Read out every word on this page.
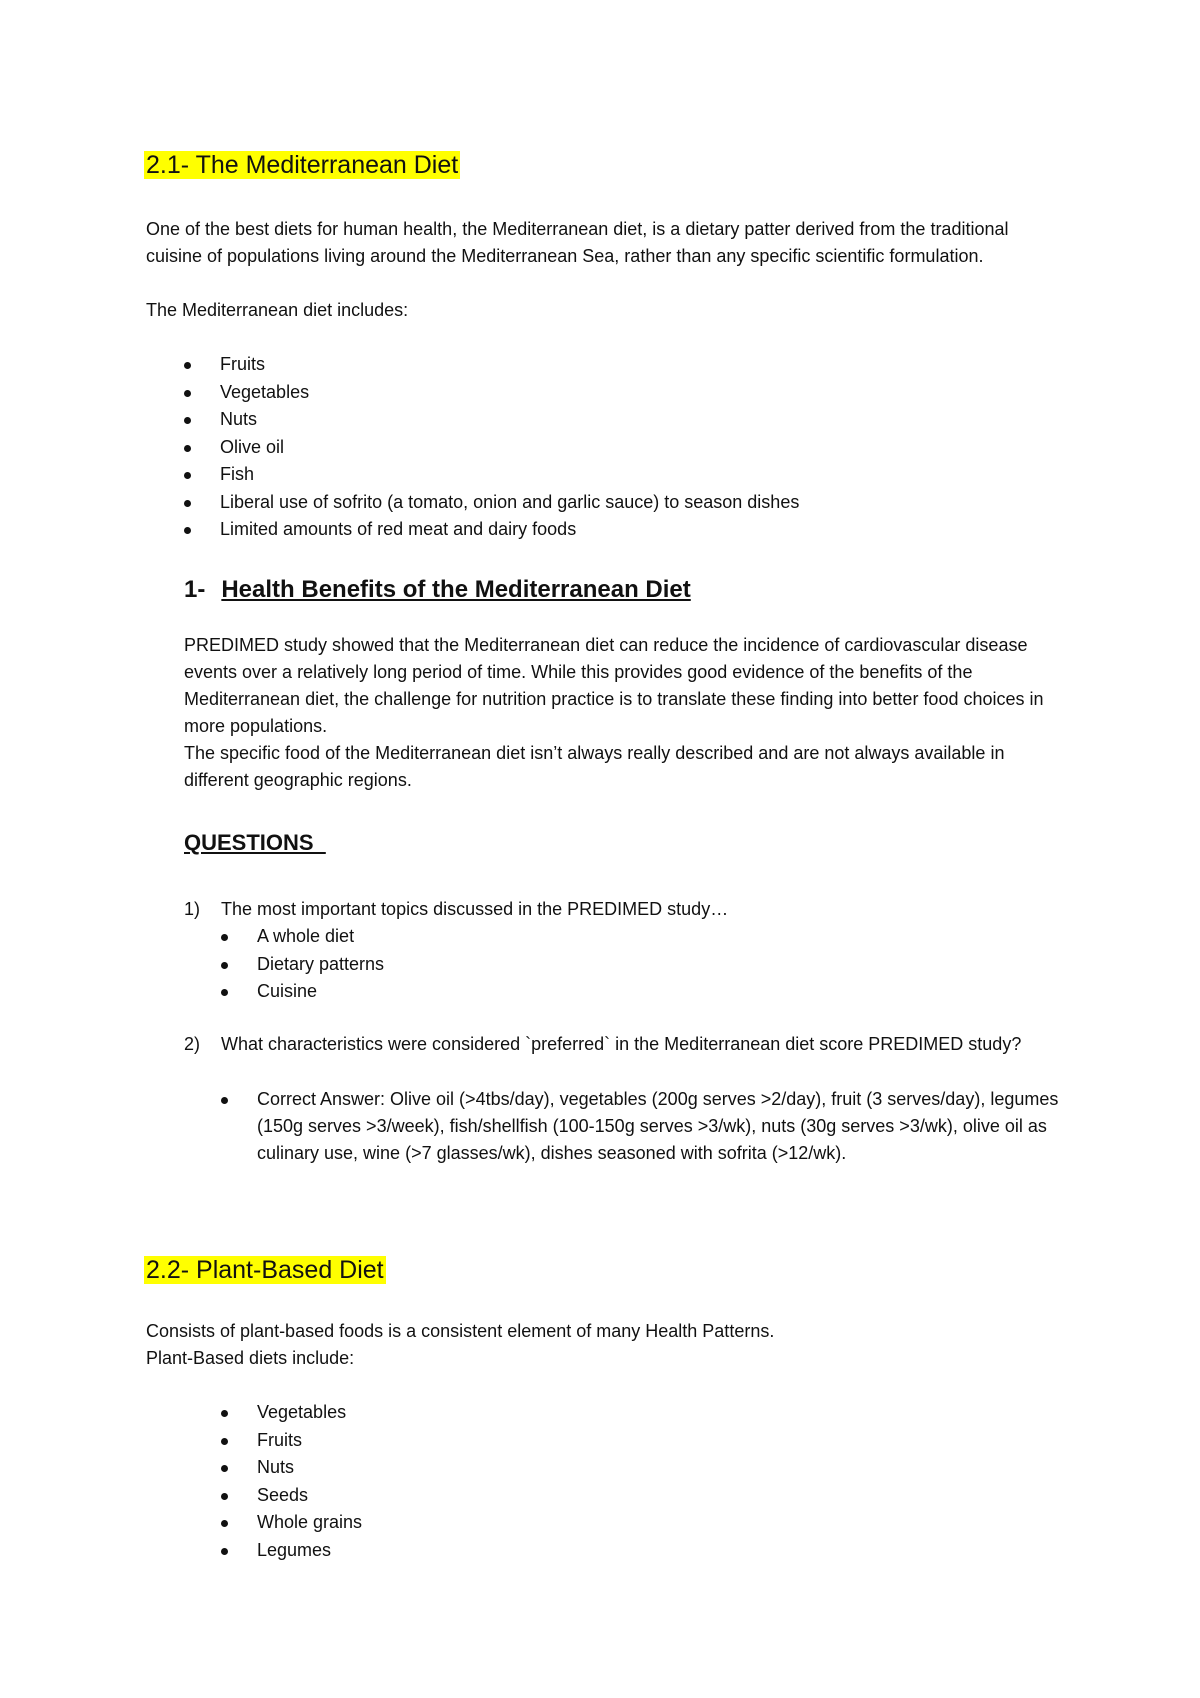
2.1- The Mediterranean Diet

One of the best diets for human health, the Mediterranean diet, is a dietary patter derived from the traditional cuisine of populations living around the Mediterranean Sea, rather than any specific scientific formulation.

The Mediterranean diet includes:

Fruits
Vegetables
Nuts
Olive oil
Fish
Liberal use of sofrito (a tomato, onion and garlic sauce) to season dishes
Limited amounts of red meat and dairy foods
1- Health Benefits of the Mediterranean Diet

PREDIMED study showed that the Mediterranean diet can reduce the incidence of cardiovascular disease events over a relatively long period of time. While this provides good evidence of the benefits of the Mediterranean diet, the challenge for nutrition practice is to translate these finding into better food choices in more populations.

The specific food of the Mediterranean diet isn’t always really described and are not always available in different geographic regions.

QUESTIONS
1) The most important topics discussed in the PREDIMED study…
A whole diet
Dietary patterns
Cuisine
2) What characteristics were considered `preferred` in the Mediterranean diet score PREDIMED study?

Correct Answer: Olive oil (>4tbs/day), vegetables (200g serves >2/day), fruit (3 serves/day), legumes (150g serves >3/week), fish/shellfish (100-150g serves >3/wk), nuts (30g serves >3/wk), olive oil as culinary use, wine (>7 glasses/wk), dishes seasoned with sofrita (>12/wk).

2.2- Plant-Based Diet

Consists of plant-based foods is a consistent element of many Health Patterns.

Plant-Based diets include:

Vegetables
Fruits
Nuts
Seeds
Whole grains
Legumes
